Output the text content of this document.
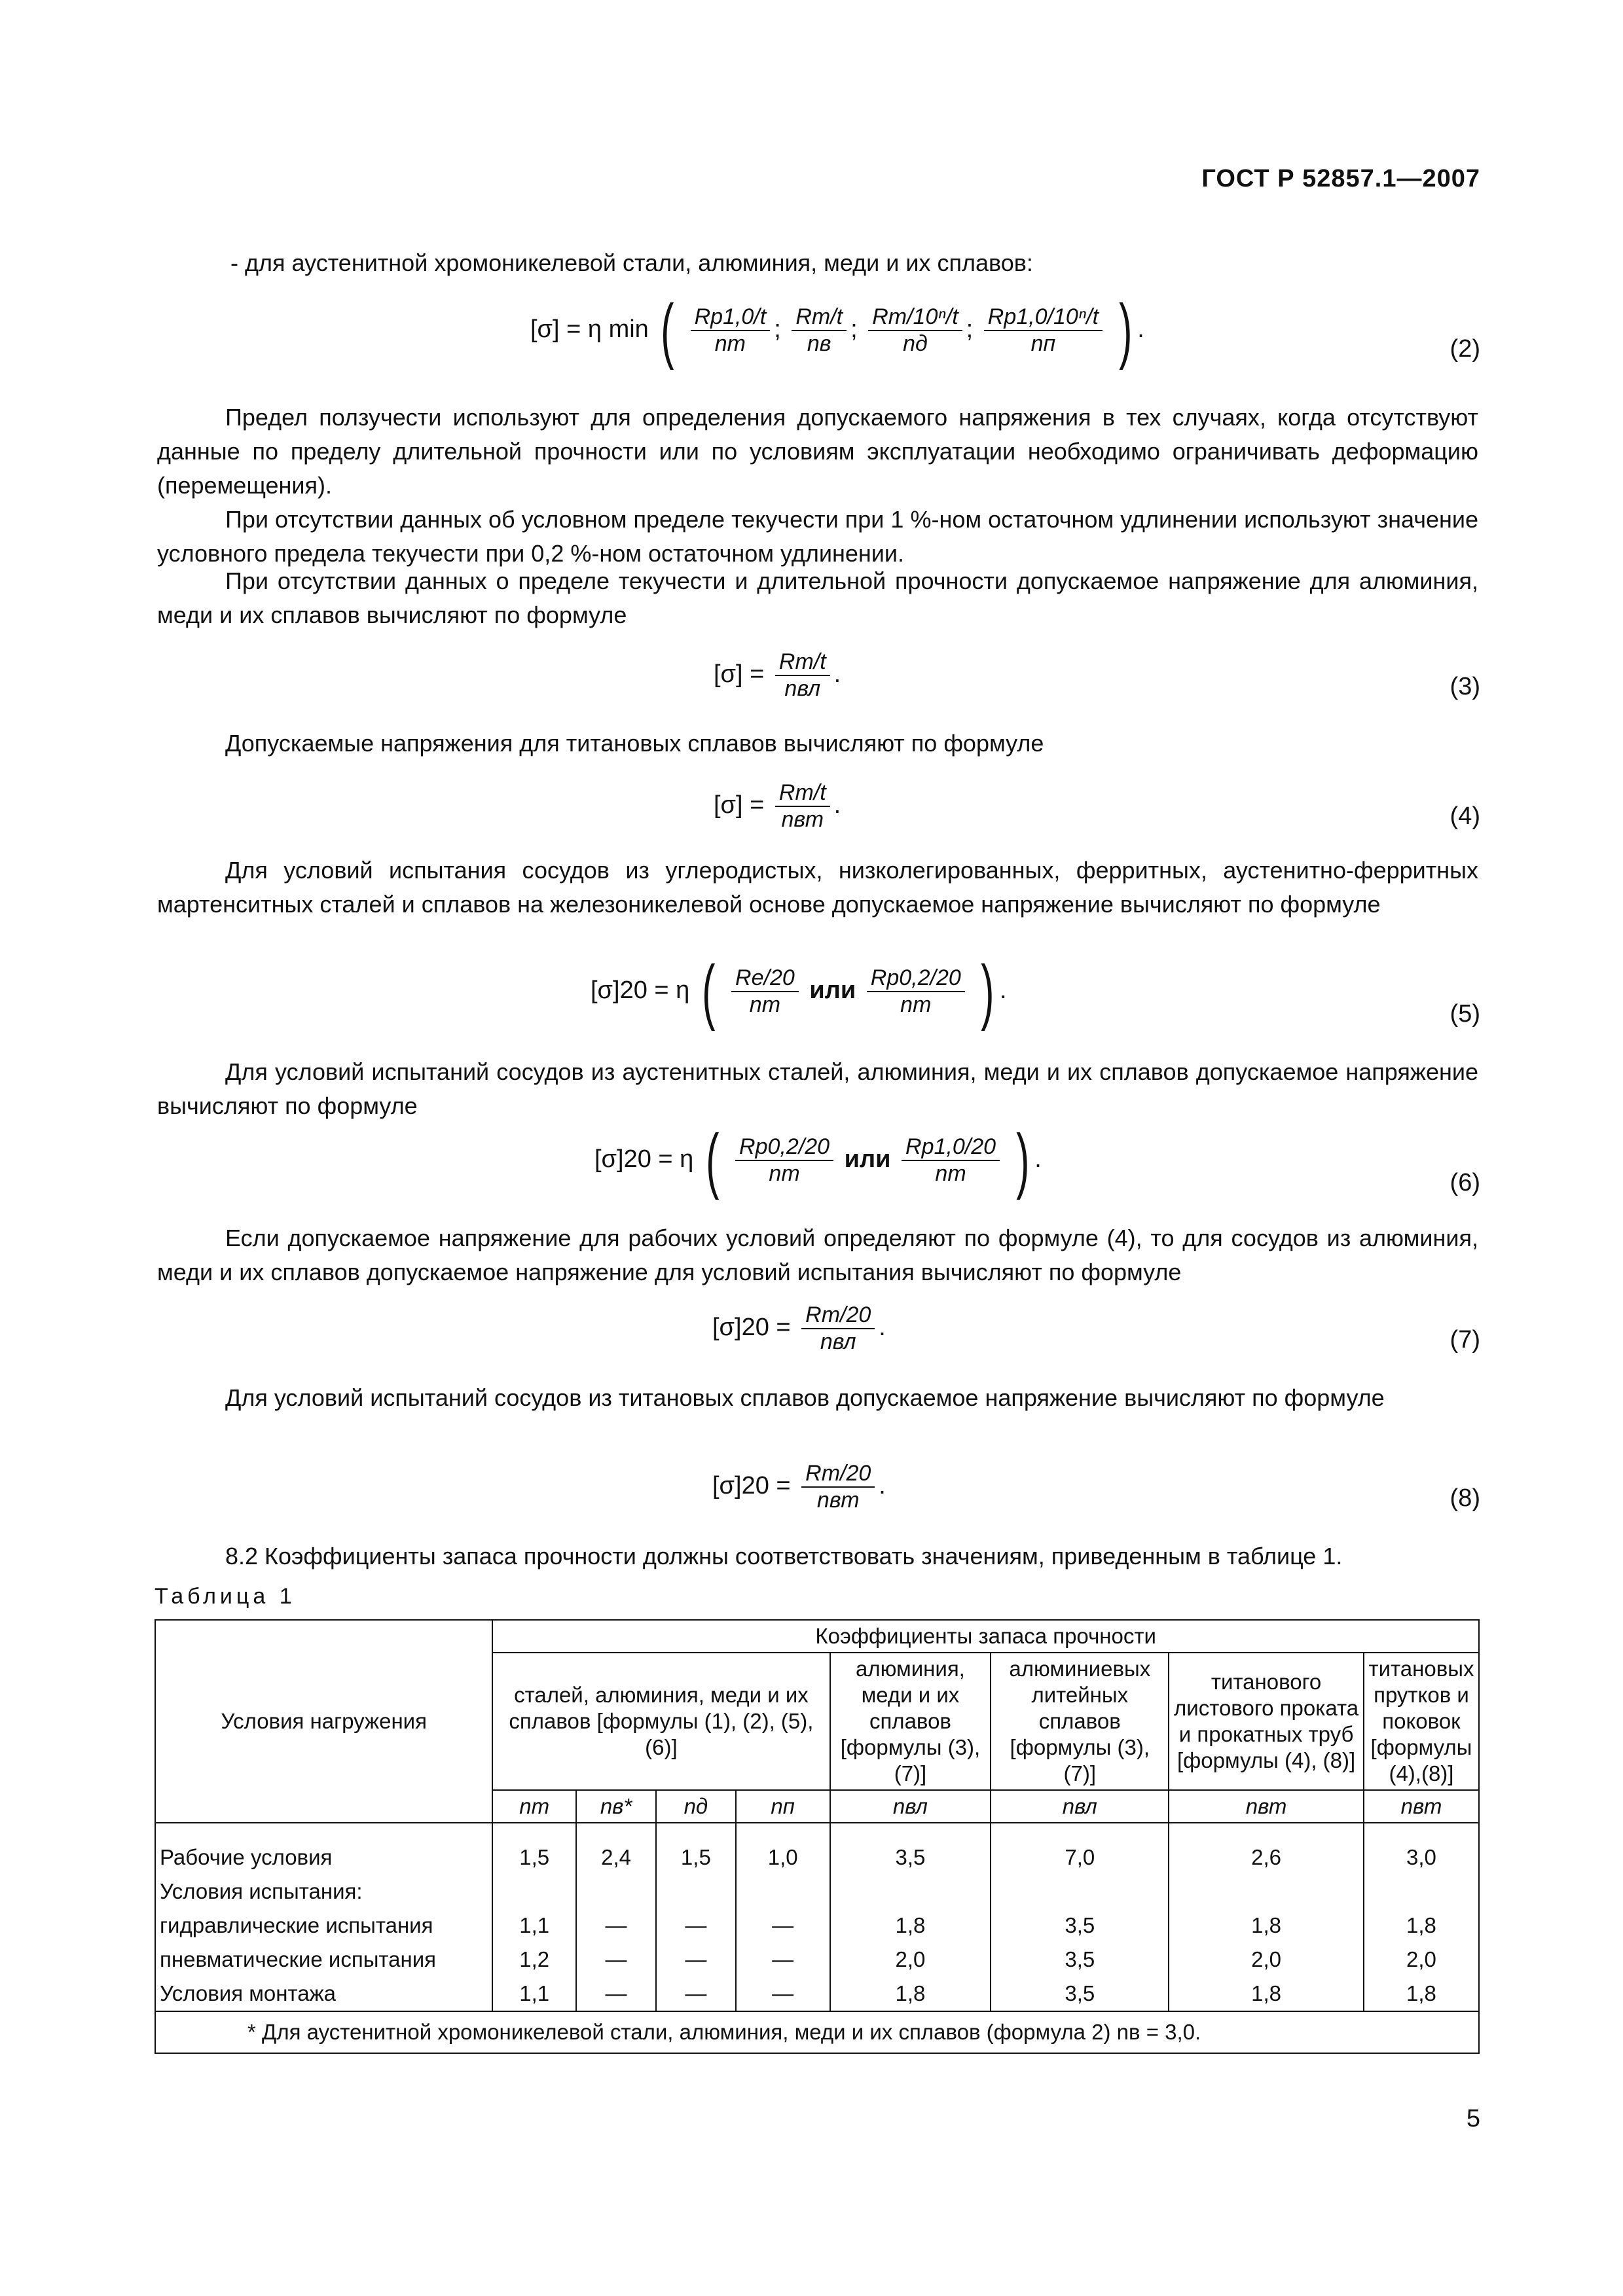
ГОСТ Р 52857.1—2007
- для аустенитной хромоникелевой стали, алюминия, меди и их сплавов:
[σ] = η min ( $\frac{Rp1,0/t}{nт}$ ; $\frac{Rm/t}{nв}$ ; $\frac{\text{Rm/10ⁿ/t}}{nд}$ ; $\frac{\text{Rp1,0/10ⁿ/t}}{nп}$ ) .
(2)
Предел ползучести используют для определения допускаемого напряжения в тех случаях, когда отсутствуют данные по пределу длительной прочности или по условиям эксплуатации необходимо ограничивать деформацию (перемещения).
При отсутствии данных об условном пределе текучести при 1 %-ном остаточном удлинении используют значение условного предела текучести при 0,2 %-ном остаточном удлинении.
При отсутствии данных о пределе текучести и длительной прочности допускаемое напряжение для алюминия, меди и их сплавов вычисляют по формуле
$[\sigma] = \frac{Rm/t}{\text{nвл}}$ .	(3)
Допускаемые напряжения для титановых сплавов вычисляют по формуле
$[\sigma] = \frac{Rm/t}{\text{nвт}}$ .	(4)
Для условий испытания сосудов из углеродистых, низколегированных, ферритных, аустенитно-ферритных мартенситных сталей и сплавов на железоникелевой основе допускаемое напряжение вычисляют по формуле
[σ]20 = η ( $\frac{Re/20}{nт}$ или $\frac{Rp0,2/20}{nт}$ ) .
(5)
Для условий испытаний сосудов из аустенитных сталей, алюминия, меди и их сплавов допускаемое напряжение вычисляют по формуле
[σ]20 = η ( $\frac{Rp0,2/20}{nт}$ или $\frac{Rp1,0/20}{nт}$ ) .
(6)
Если допускаемое напряжение для рабочих условий определяют по формуле (4), то для сосудов из алюминия, меди и их сплавов допускаемое напряжение для условий испытания вычисляют по формуле
$[\sigma]20 = \frac{Rm/20}{\text{nвл}}$ .	(7)
Для условий испытаний сосудов из титановых сплавов допускаемое напряжение вычисляют по формуле
$[\sigma]20 = \frac{Rm/20}{\text{nвт}}$ .	(8)
8.2 Коэффициенты запаса прочности должны соответствовать значениям, приведенным в таблице 1.
Таблица 1
Условия нагружения	Коэффициенты запаса прочности							
	сталей, алюминия, меди и их сплавов [формулы (1), (2), (5), (6)]				алюминия, меди и их сплавов [формулы (3), (7)]	алюминиевых литейных сплавов [формулы (3), (7)]	титанового листового проката и прокатных труб [формулы (4), (8)]	титановых прутков и поковок [формулы (4),(8)]
	nт	nв*	nд	nп	nвл	nвл	nвт	nвт
Рабочие условия	1,5	2,4	1,5	1,0	3,5	7,0	2,6	3,0
Условия испытания:								
гидравлические испытания	1,1	—	—	—	1,8	3,5	1,8	1,8
пневматические испытания	1,2	—	—	—	2,0	3,5	2,0	2,0
Условия монтажа	1,1	—	—	—	1,8	3,5	1,8	1,8
* Для аустенитной хромоникелевой стали, алюминия, меди и их сплавов (формула 2) nв = 3,0.								
5
